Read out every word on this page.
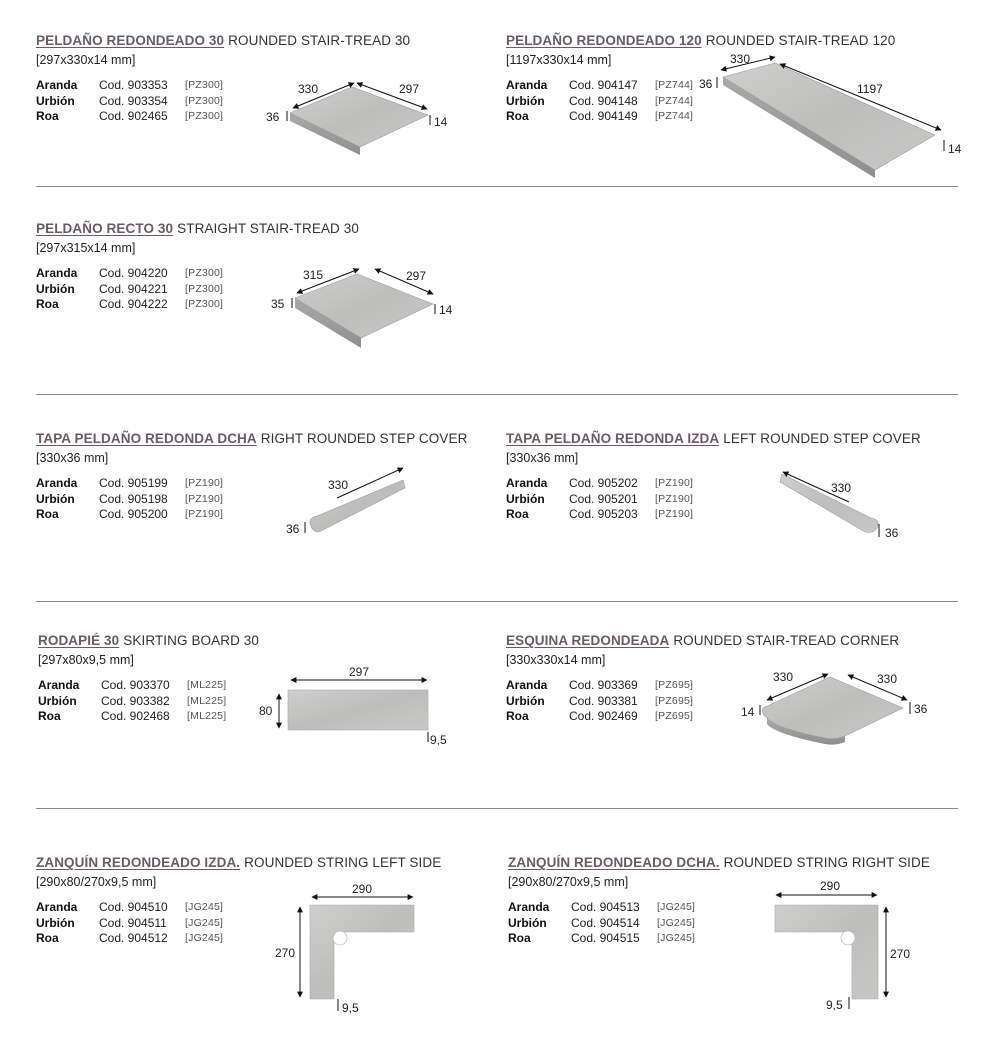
PELDAÑO REDONDEADO 30 ROUNDED STAIR-TREAD 30
[297x330x14 mm]
Aranda	Cod. 903353	[PZ300]
Urbión	Cod. 903354	[PZ300]
Roa	Cod. 902465	[PZ300]
330	297
36	14
PELDAÑO REDONDEADO 120 ROUNDED STAIR-TREAD 120
[1197x330x14 mm]
Aranda	Cod. 904147	[PZ744]
Urbión	Cod. 904148	[PZ744]
Roa	Cod. 904149	[PZ744]
330
1197
36
14
PELDAÑO RECTO 30 STRAIGHT STAIR-TREAD 30
[297x315x14 mm]
Aranda	Cod. 904220	[PZ300]
Urbión	Cod. 904221	[PZ300]
Roa	Cod. 904222	[PZ300]
315	297
35	14
TAPA PELDAÑO REDONDA DCHA RIGHT ROUNDED STEP COVER
[330x36 mm]
Aranda	Cod. 905199	[PZ190]
Urbión	Cod. 905198	[PZ190]
Roa	Cod. 905200	[PZ190]
330
36
TAPA PELDAÑO REDONDA IZDA LEFT ROUNDED STEP COVER
[330x36 mm]
Aranda	Cod. 905202	[PZ190]
Urbión	Cod. 905201	[PZ190]
Roa	Cod. 905203	[PZ190]
330
36
RODAPIÉ 30 SKIRTING BOARD 30
[297x80x9,5 mm]
Aranda	Cod. 903370	[ML225]
Urbión	Cod. 903382	[ML225]
Roa	Cod. 902468	[ML225]
297
80
9,5
ESQUINA REDONDEADA ROUNDED STAIR-TREAD CORNER
[330x330x14 mm]
Aranda	Cod. 903369	[PZ695]
Urbión	Cod. 903381	[PZ695]
Roa	Cod. 902469	[PZ695]
330	330
14	36
ZANQUÍN REDONDEADO IZDA. ROUNDED STRING LEFT SIDE
[290x80/270x9,5 mm]
Aranda	Cod. 904510	[JG245]
Urbión	Cod. 904511	[JG245]
Roa	Cod. 904512	[JG245]
290
270
9,5
ZANQUÍN REDONDEADO DCHA. ROUNDED STRING RIGHT SIDE
[290x80/270x9,5 mm]
Aranda	Cod. 904513	[JG245]
Urbión	Cod. 904514	[JG245]
Roa	Cod. 904515	[JG245]
290
270
9,5
